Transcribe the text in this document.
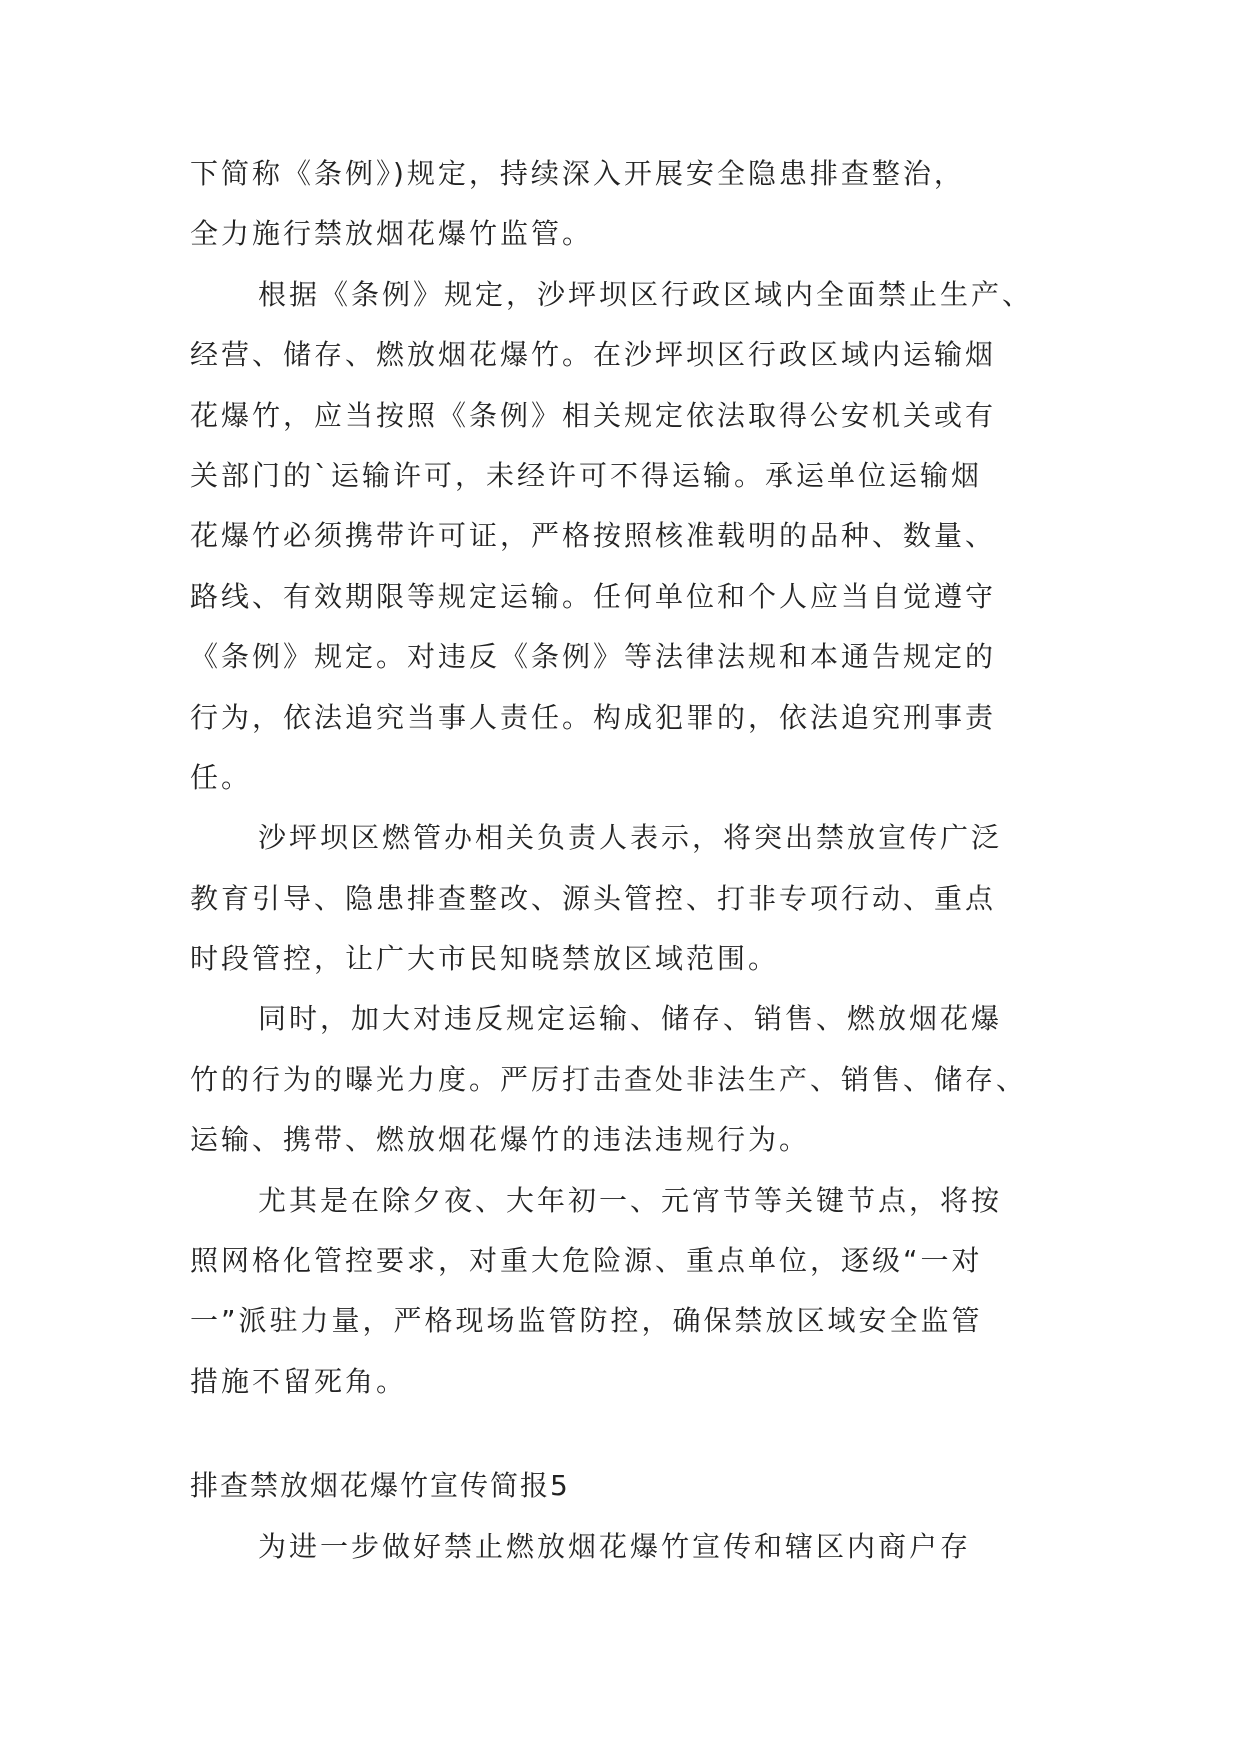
下简称《条例》)规定，持续深入开展安全隐患排查整治，
全力施行禁放烟花爆竹监管。
根据《条例》规定，沙坪坝区行政区域内全面禁止生产、
经营、储存、燃放烟花爆竹。在沙坪坝区行政区域内运输烟
花爆竹，应当按照《条例》相关规定依法取得公安机关或有
关部门的`运输许可，未经许可不得运输。承运单位运输烟
花爆竹必须携带许可证，严格按照核准载明的品种、数量、
路线、有效期限等规定运输。任何单位和个人应当自觉遵守
《条例》规定。对违反《条例》等法律法规和本通告规定的
行为，依法追究当事人责任。构成犯罪的，依法追究刑事责
任。
沙坪坝区燃管办相关负责人表示，将突出禁放宣传广泛
教育引导、隐患排查整改、源头管控、打非专项行动、重点
时段管控，让广大市民知晓禁放区域范围。
同时，加大对违反规定运输、储存、销售、燃放烟花爆
竹的行为的曝光力度。严厉打击查处非法生产、销售、储存、
运输、携带、燃放烟花爆竹的违法违规行为。
尤其是在除夕夜、大年初一、元宵节等关键节点，将按
照网格化管控要求，对重大危险源、重点单位，逐级“一对
一”派驻力量，严格现场监管防控，确保禁放区域安全监管
措施不留死角。
排查禁放烟花爆竹宣传简报5
为进一步做好禁止燃放烟花爆竹宣传和辖区内商户存
